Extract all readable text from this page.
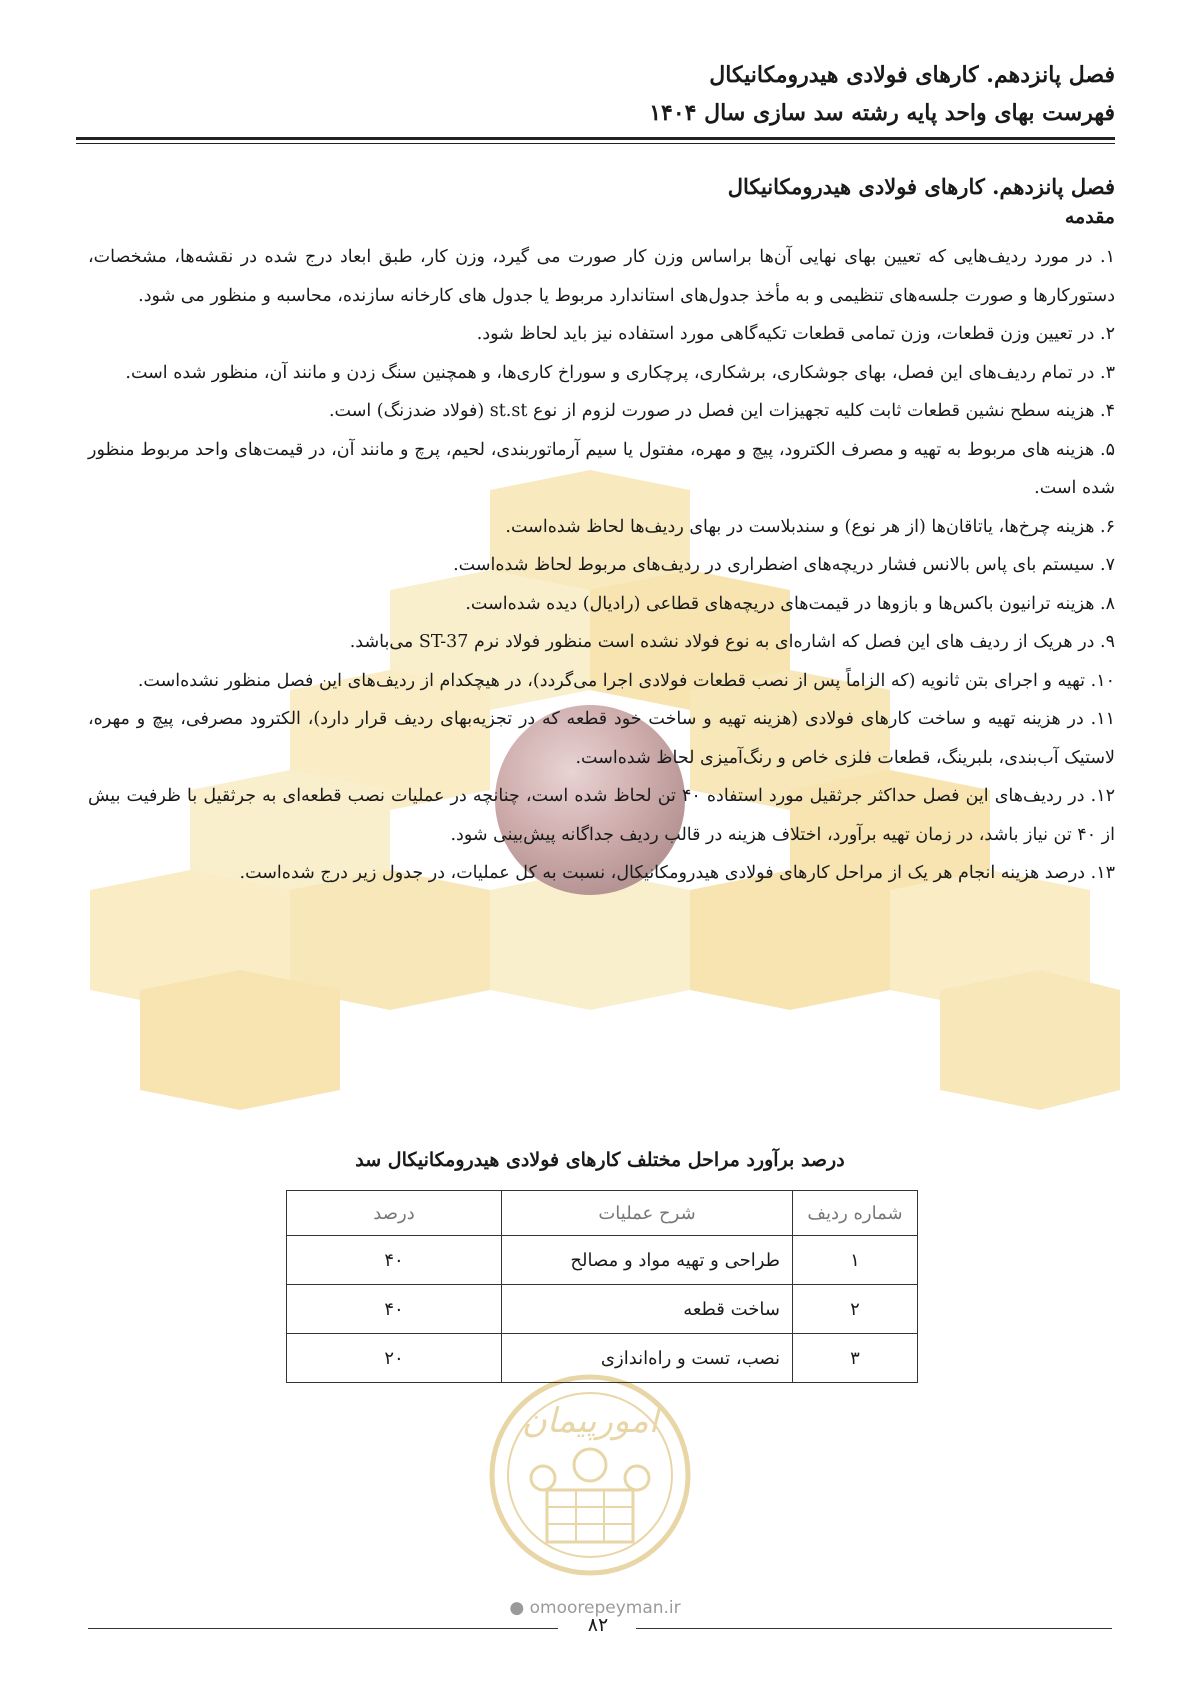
امورپیمان
● omoorepeyman.ir
فصل پانزدهم. کارهای فولادی هیدرومکانیکال
فهرست بهای واحد پایه رشته سد سازی سال ۱۴۰۴

فصل پانزدهم. کارهای فولادی هیدرومکانیکال

مقدمه

۱. در مورد ردیف‌هایی که تعیین بهای نهایی آن‌ها براساس وزن کار صورت می گیرد، وزن کار، طبق ابعاد درج شده در نقشه‌ها، مشخصات، دستورکارها و صورت جلسه‌های تنظیمی و به مأخذ جدول‌های استاندارد مربوط یا جدول های کارخانه سازنده، محاسبه و منظور می شود.

۲. در تعیین وزن قطعات، وزن تمامی قطعات تکیه‌گاهی مورد استفاده نیز باید لحاظ شود.

۳. در تمام ردیف‌های این فصل، بهای جوشکاری، برشکاری، پرچکاری و سوراخ کاری‌ها، و همچنین سنگ زدن و مانند آن، منظور شده است.

۴. هزینه سطح نشین قطعات ثابت کلیه تجهیزات این فصل در صورت لزوم از نوع st.st (فولاد ضدزنگ) است.

۵. هزینه های مربوط به تهیه و مصرف الکترود، پیچ و مهره، مفتول یا سیم آرماتوربندی، لحیم، پرچ و مانند آن، در قیمت‌های واحد مربوط منظور شده است.

۶. هزینه چرخ‌ها، یاتاقان‌ها (از هر نوع) و سندبلاست در بهای ردیف‌ها لحاظ شده‌است.

۷. سیستم بای پاس بالانس فشار دریچه‌های اضطراری در ردیف‌های مربوط لحاظ شده‌است.

۸. هزینه ترانیون باکس‌ها و بازوها در قیمت‌های دریچه‌های قطاعی (رادیال) دیده شده‌است.

۹. در هریک از ردیف های این فصل که اشاره‌ای به نوع فولاد نشده است منظور فولاد نرم ST-37 می‌باشد.

۱۰. تهیه و اجرای بتن ثانویه (که الزاماً پس از نصب قطعات فولادی اجرا می‌گردد)، در هیچکدام از ردیف‌های این فصل منظور نشده‌است.

۱۱. در هزینه تهیه و ساخت کارهای فولادی (هزینه تهیه و ساخت خود قطعه که در تجزیه‌بهای ردیف قرار دارد)، الکترود مصرفی، پیچ و مهره، لاستیک آب‌بندی، بلبرینگ، قطعات فلزی خاص و رنگ‌آمیزی لحاظ شده‌است.

۱۲. در ردیف‌های این فصل حداکثر جرثقیل مورد استفاده ۴۰ تن لحاظ شده است، چنانچه در عملیات نصب قطعه‌ای به جرثقیل با ظرفیت بیش از ۴۰ تن نیاز باشد، در زمان تهیه برآورد، اختلاف هزینه در قالب ردیف جداگانه پیش‌بینی شود.

۱۳. درصد هزینه انجام هر یک از مراحل کارهای فولادی هیدرومکانیکال، نسبت به کل عملیات، در جدول زیر درج شده‌است.

درصد برآورد مراحل مختلف کارهای فولادی هیدرومکانیکال سد
شماره ردیف	شرح عملیات	درصد
۱	طراحی و تهیه مواد و مصالح	۴۰
۲	ساخت قطعه	۴۰
۳	نصب، تست و راه‌اندازی	۲۰
۸۲
